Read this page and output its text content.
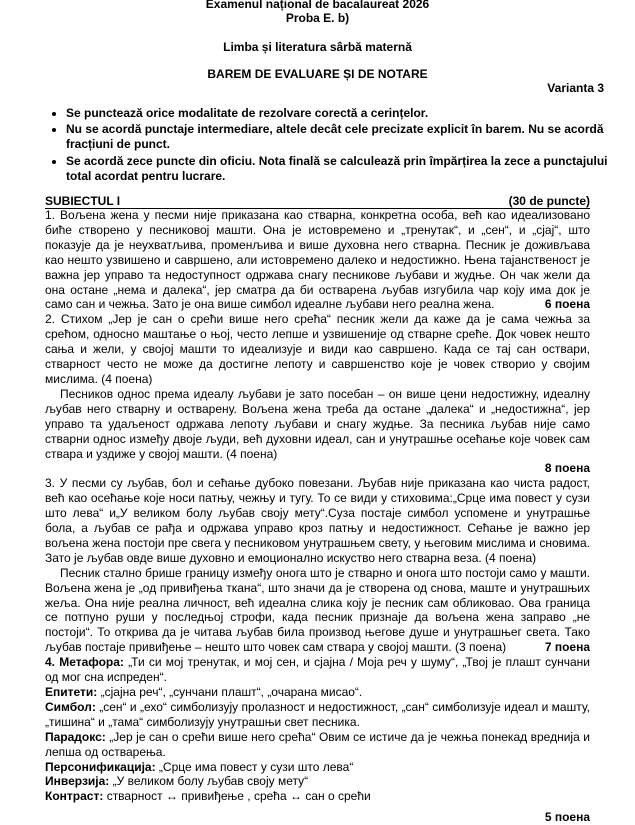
Examenul național de bacalaureat 2026
Proba E. b)
Limba și literatura sârbă maternă
BAREM DE EVALUARE ȘI DE NOTARE
Varianta 3
• Se punctează orice modalitate de rezolvare corectă a cerințelor.
• Nu se acordă punctaje intermediare, altele decât cele precizate explicit în barem. Nu se acordă fracțiuni de punct.
• Se acordă zece puncte din oficiu. Nota finală se calculează prin împărțirea la zece a punctajului total acordat pentru lucrare.
SUBIECTUL I	(30 de puncte)

1. Вољена жена у песми није приказана као стварна, конкретна особа, већ као идеализовано биће створено у песниковој машти. Она је истовремено и „тренутак“, и „сен“, и „сјај“, што показује да је неухватљива, променљива и више духовна него стварна. Песник је доживљава као нешто узвишено и савршено, али истовремено далеко и недостижно. Њена тајанственост је важна јер управо та недоступност одржава снагу песникове љубави и жудње. Он чак жели да она остане „нема и далека“, јер сматра да би остварена љубав изгубила чар коју има док је само сан и чежња. Зато је она више симбол идеалне љубави него реална жена.	6 поена

2. Стихом „Јер је сан о срећи више него срећа“ песник жели да каже да је сама чежња за срећом, односно маштање о њој, често лепше и узвишеније од стварне среће. Док човек нешто сања и жели, у својој машти то идеализује и види као савршено. Када се тај сан оствари, стварност често не може да достигне лепоту и савршенство које је човек створио у својим мислима. (4 поена)

Песников однос према идеалу љубави је зато посебан – он више цени недостижну, идеалну љубав него стварну и остварену. Вољена жена треба да остане „далека“ и „недостижна“, јер управо та удаљеност одржава лепоту љубави и снагу жудње. За песника љубав није само стварни однос између двоје људи, већ духовни идеал, сан и унутрашње осећање које човек сам ствара и уздиже у својој машти. (4 поена)

8 поена

3. У песми су љубав, бол и сећање дубоко повезани. Љубав није приказана као чиста радост, већ као осећање које носи патњу, чежњу и тугу. То се види у стиховима:„Срце има повест у сузи што лева“ и„У великом болу љубав своју мету“.Суза постаје симбол успомене и унутрашње бола, а љубав се рађа и одржава управо кроз патњу и недостижност. Сећање је важно јер вољена жена постоји пре свега у песниковом унутрашњем свету, у његовим мислима и сновима. Зато је љубав овде више духовно и емоционално искуство него стварна веза. (4 поена)

Песник стално брише границу између онога што је стварно и онога што постоји само у машти. Вољена жена је „од привиђења ткана“, што значи да је створена од снова, маште и унутрашњих жеља. Она није реална личност, већ идеална слика коју је песник сам обликовао. Ова граница се потпуно руши у последњој строфи, када песник признаје да вољена жена заправо „не постоји“. То открива да је читава љубав била производ његове душе и унутрашњег света. Тако љубав постаје привиђење – нешто што човек сам ствара у својој машти. (3 поена)	7 поена

4. Метафора: „Ти си мој тренутак, и мој сен, и сјајна / Моја реч у шуму“, „Твој је плашт сунчани од мог сна испреден“.

Епитети: „сјајна реч“, „сунчани плашт“, „очарана мисао“.

Симбол: „сен“ и „ехо“ симболизују пролазност и недостижност, „сан“ симболизује идеал и машту, „тишина“ и „тама“ симболизују унутрашњи свет песника.

Парадокс: „Јер је сан о срећи више него срећа“ Овим се истиче да је чежња понекад вреднија и лепша од остварења.

Персонификација: „Срце има повест у сузи што лева“

Инверзија: „У великом болу љубав своју мету“

Контраст: стварност ↔ привиђење , срећа ↔ сан о срећи

5 поена
